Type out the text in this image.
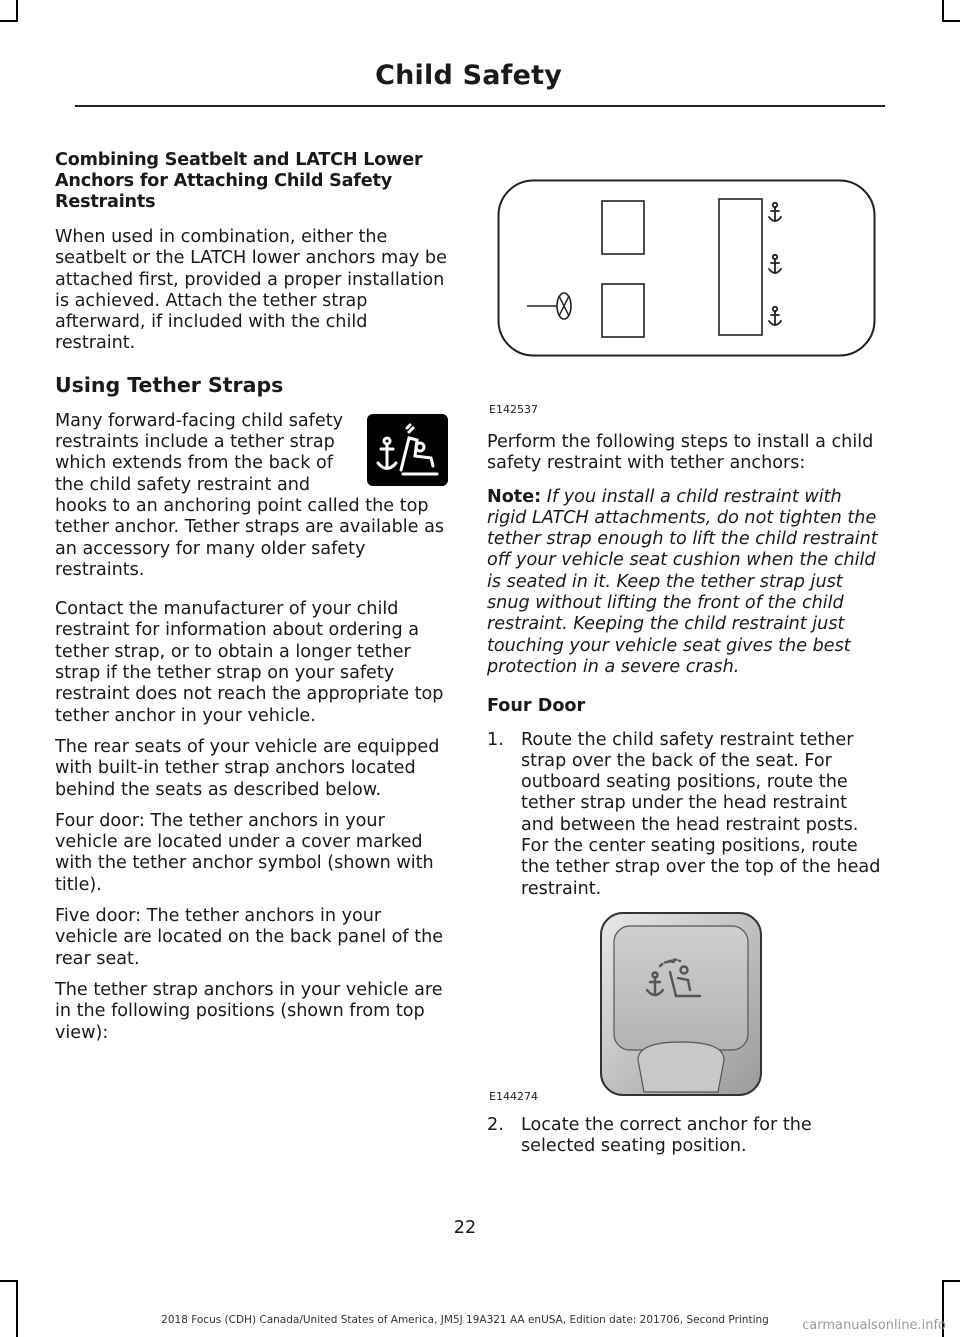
Child Safety
Combining Seatbelt and LATCH Lower Anchors for Attaching Child Safety Restraints

When used in combination, either the seatbelt or the LATCH lower anchors may be attached first, provided a proper installation is achieved. Attach the tether strap afterward, if included with the child restraint.

Using Tether Straps

Many forward-facing child safety restraints include a tether strap which extends from the back of the child safety restraint and hooks to an anchoring point called the top tether anchor. Tether straps are available as an accessory for many older safety restraints.

Contact the manufacturer of your child restraint for information about ordering a tether strap, or to obtain a longer tether strap if the tether strap on your safety restraint does not reach the appropriate top tether anchor in your vehicle.

The rear seats of your vehicle are equipped with built-in tether strap anchors located behind the seats as described below.

Four door: The tether anchors in your vehicle are located under a cover marked with the tether anchor symbol (shown with title).

Five door: The tether anchors in your vehicle are located on the back panel of the rear seat.

The tether strap anchors in your vehicle are in the following positions (shown from top view):

E142537

Perform the following steps to install a child safety restraint with tether anchors:

Note: If you install a child restraint with rigid LATCH attachments, do not tighten the tether strap enough to lift the child restraint off your vehicle seat cushion when the child is seated in it. Keep the tether strap just snug without lifting the front of the child restraint. Keeping the child restraint just touching your vehicle seat gives the best protection in a severe crash.

Four Door
1. Route the child safety restraint tether strap over the back of the seat. For outboard seating positions, route the tether strap under the head restraint and between the head restraint posts. For the center seating positions, route the tether strap over the top of the head restraint.
E144274
2. Locate the correct anchor for the selected seating position.
22
2018 Focus (CDH) Canada/United States of America, JM5J 19A321 AA enUSA, Edition date: 201706, Second Printing	carmanualsonline.info
